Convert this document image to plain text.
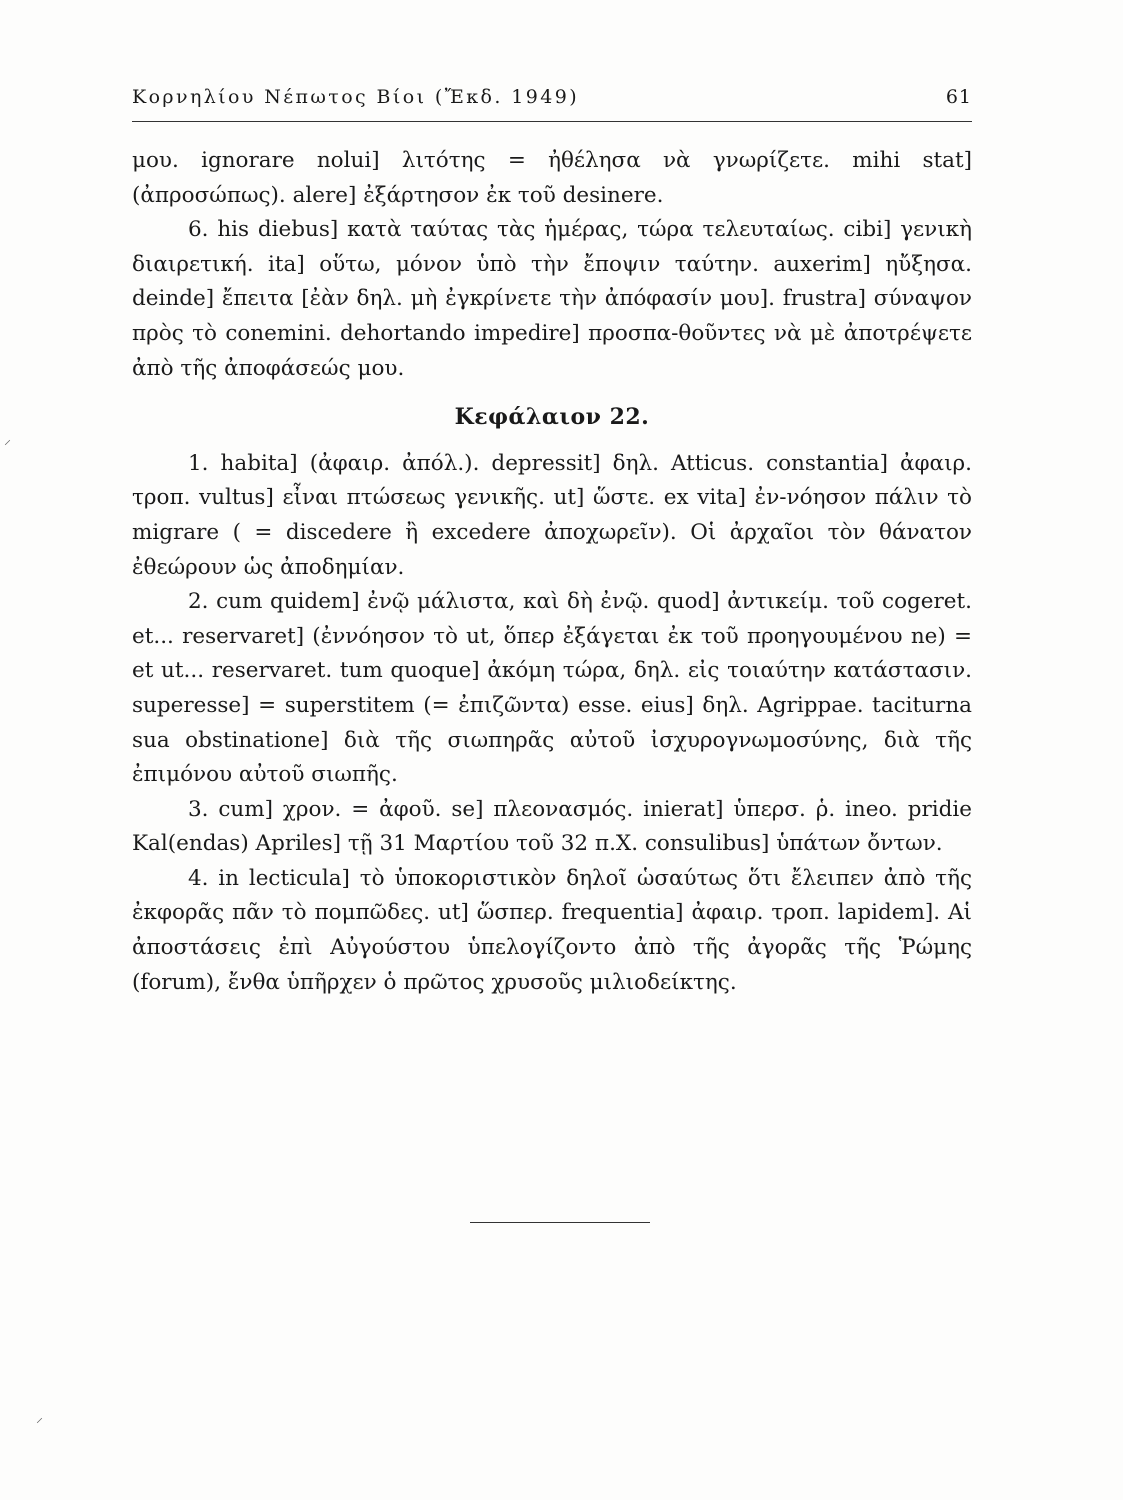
Κορνηλίου Νέπωτος Βίοι (Ἔκδ. 1949)	61
⸝
⸝

μου. ignorare nolui] λιτότης = ἠθέλησα νὰ γνωρίζετε. mihi stat] (ἀπροσώπως). alere] ἐξάρτησον ἐκ τοῦ desinere.

6. his diebus] κατὰ ταύτας τὰς ἡμέρας, τώρα τελευταίως. cibi] γενικὴ διαιρετική. ita] οὕτω, μόνον ὑπὸ τὴν ἔποψιν ταύτην. auxerim] ηὔξησα. deinde] ἔπειτα [ἐὰν δηλ. μὴ ἐγκρίνετε τὴν ἀπόφασίν μου]. frustra] σύναψον πρὸς τὸ conemini. dehortando impedire] προσπα-θοῦντες νὰ μὲ ἀποτρέψετε ἀπὸ τῆς ἀποφάσεώς μου.

Κεφάλαιον 22.

1. habita] (ἀφαιρ. ἀπόλ.). depressit] δηλ. Atticus. constantia] ἀφαιρ. τροπ. vultus] εἶναι πτώσεως γενικῆς. ut] ὥστε. ex vita] ἐν-νόησον πάλιν τὸ migrare ( = discedere ἢ excedere ἀποχωρεῖν). Οἱ ἀρχαῖοι τὸν θάνατον ἐθεώρουν ὡς ἀποδημίαν.

2. cum quidem] ἐνῷ μάλιστα, καὶ δὴ ἐνῷ. quod] ἀντικείμ. τοῦ cogeret. et... reservaret] (ἐννόησον τὸ ut, ὅπερ ἐξάγεται ἐκ τοῦ προηγουμένου ne) = et ut... reservaret. tum quoque] ἀκόμη τώρα, δηλ. εἰς τοιαύτην κατάστασιν. superesse] = superstitem (= ἐπιζῶντα) esse. eius] δηλ. Agrippae. taciturna sua obstinatione] διὰ τῆς σιωπηρᾶς αὐτοῦ ἰσχυρογνωμοσύνης, διὰ τῆς ἐπιμόνου αὐτοῦ σιωπῆς.

3. cum] χρον. = ἀφοῦ. se] πλεονασμός. inierat] ὑπερσ. ῥ. ineo. pridie Kal(endas) Apriles] τῇ 31 Μαρτίου τοῦ 32 π.Χ. consulibus] ὑπάτων ὄντων.

4. in lecticula] τὸ ὑποκοριστικὸν δηλοῖ ὡσαύτως ὅτι ἔλειπεν ἀπὸ τῆς ἐκφορᾶς πᾶν τὸ πομπῶδες. ut] ὥσπερ. frequentia] ἀφαιρ. τροπ. lapidem]. Αἱ ἀποστάσεις ἐπὶ Αὐγούστου ὑπελογίζοντο ἀπὸ τῆς ἀγορᾶς τῆς Ῥώμης (forum), ἔνθα ὑπῆρχεν ὁ πρῶτος χρυσοῦς μιλιοδείκτης.
